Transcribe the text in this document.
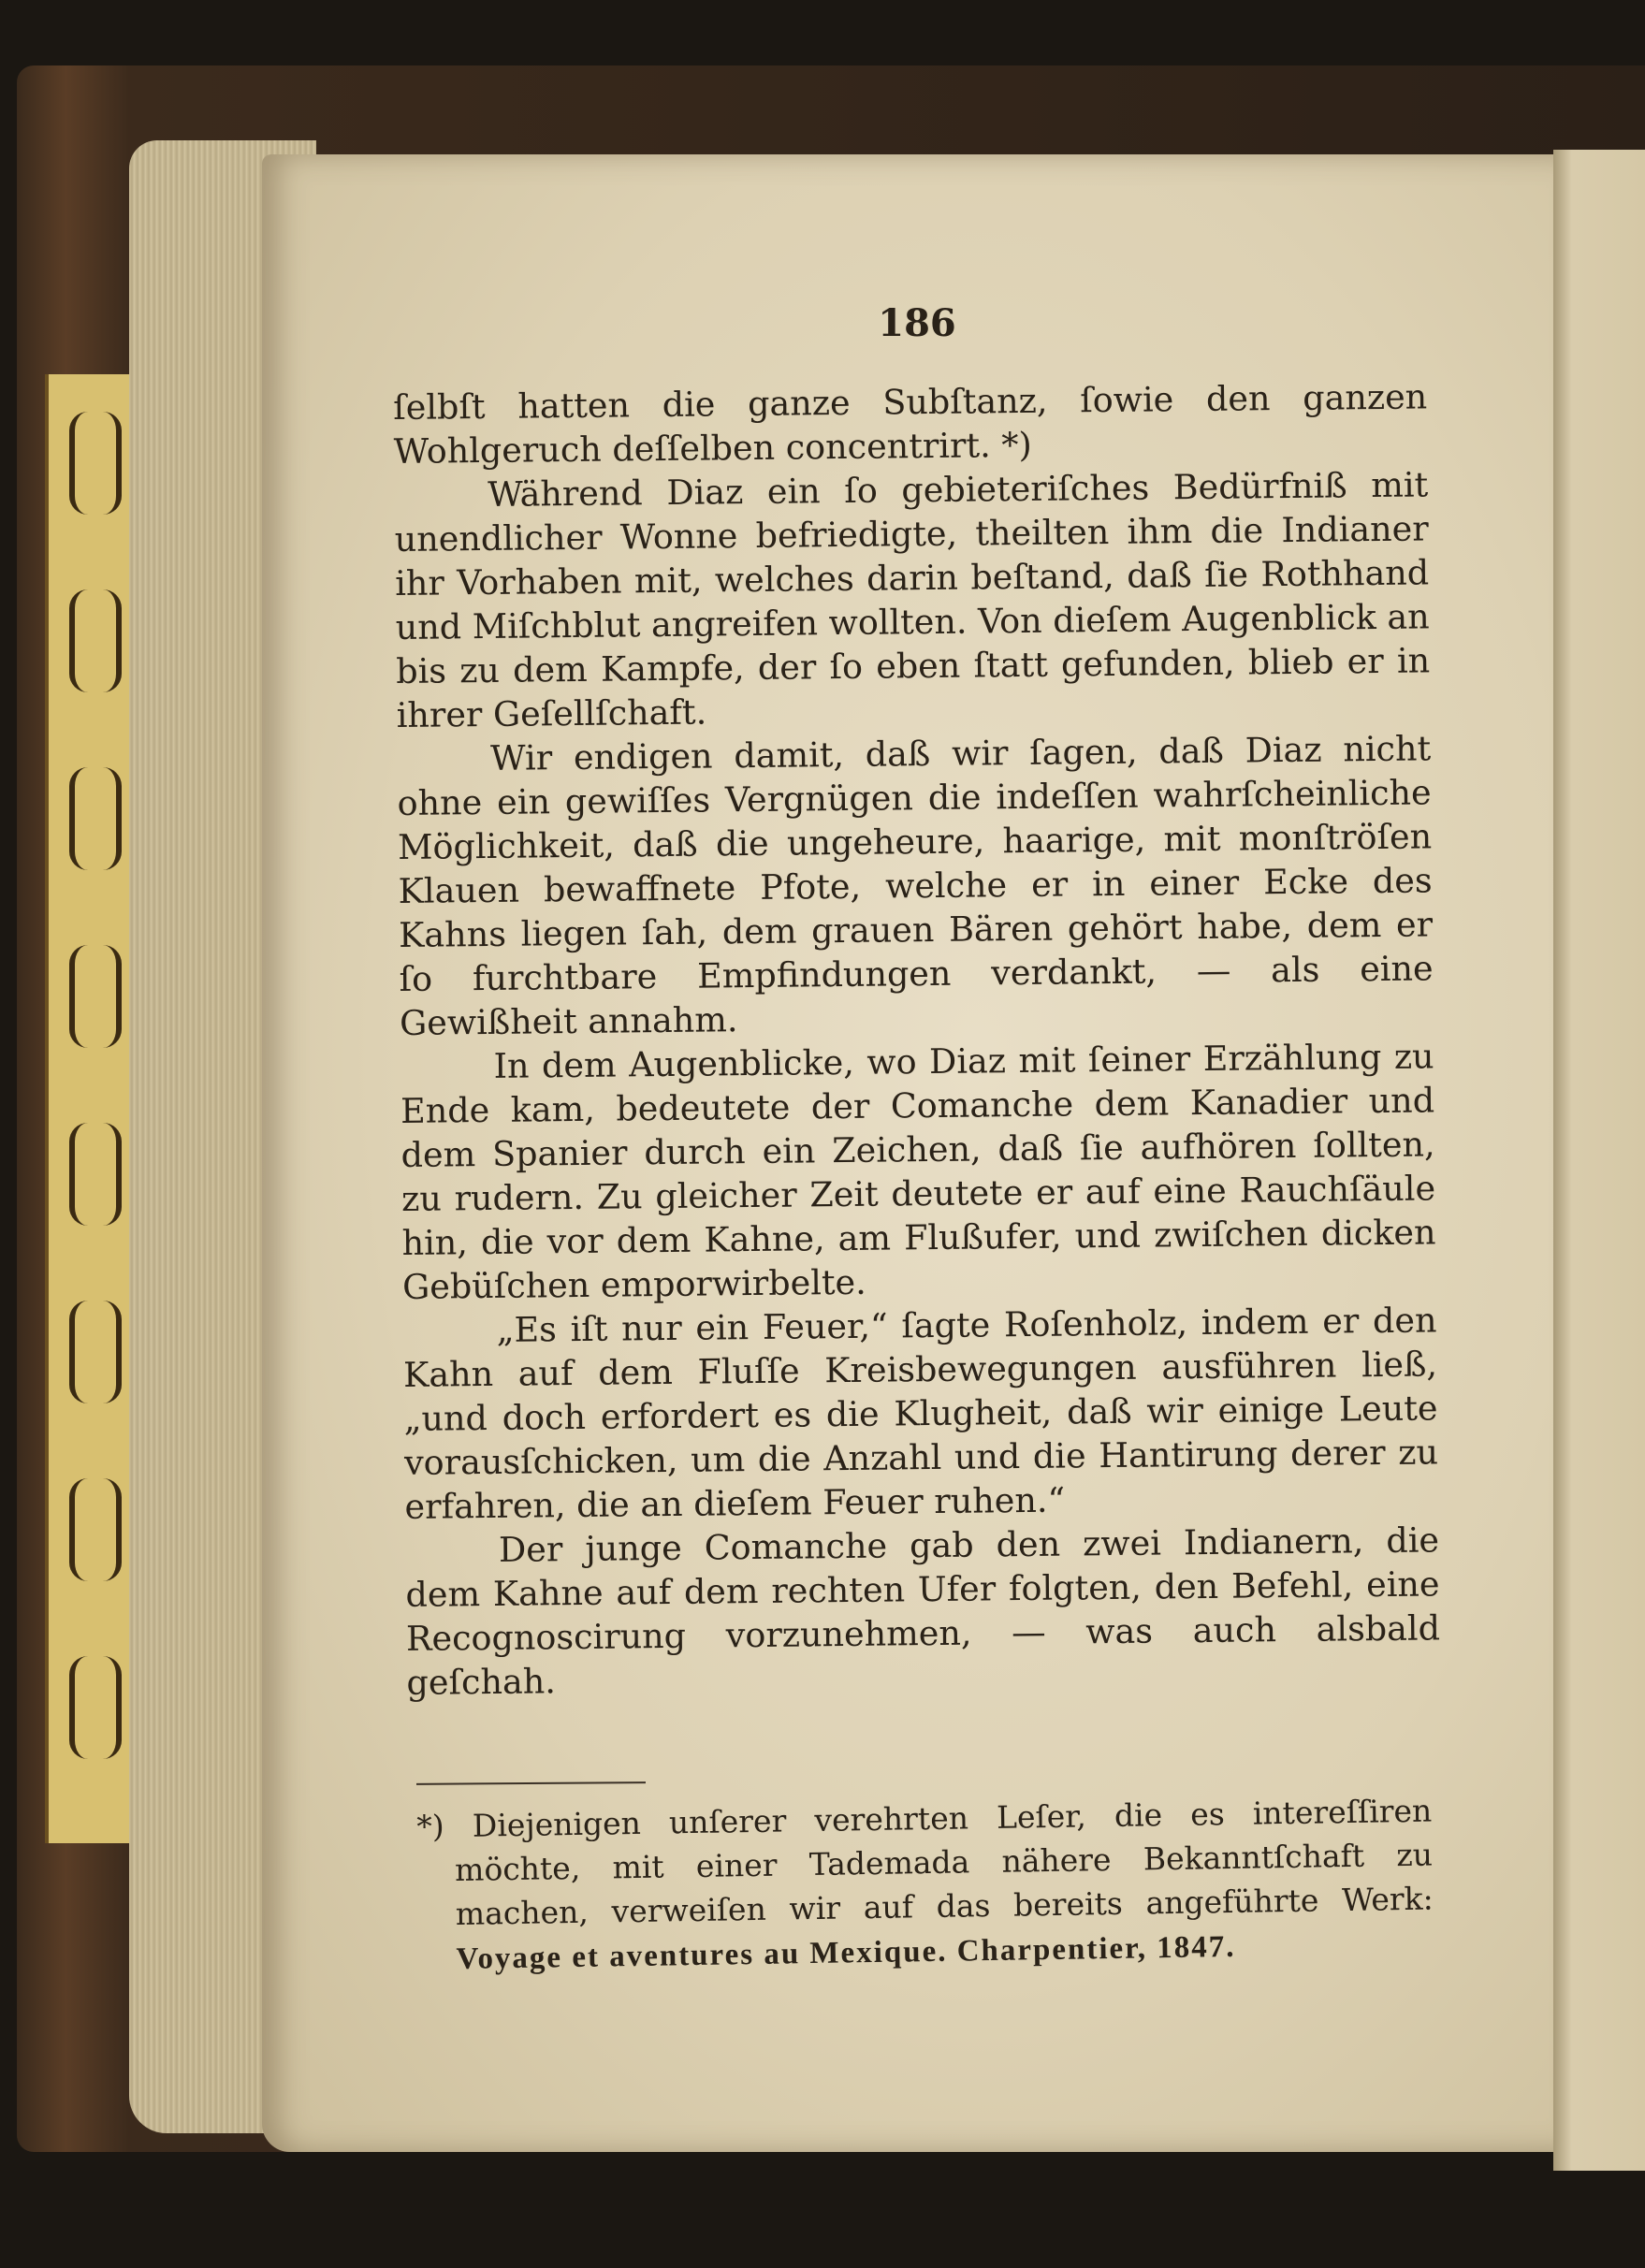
186

ſelbſt hatten die ganze Subſtanz, ſowie den ganzen Wohlgeruch deſſelben concentrirt. *)

Während Diaz ein ſo gebieteriſches Bedürfniß mit unendlicher Wonne befriedigte, theilten ihm die Indianer ihr Vorhaben mit, welches darin beſtand, daß ſie Rothhand und Miſchblut angreifen wollten. Von dieſem Augenblick an bis zu dem Kampfe, der ſo eben ſtatt gefunden, blieb er in ihrer Geſellſchaft.

Wir endigen damit, daß wir ſagen, daß Diaz nicht ohne ein gewiſſes Vergnügen die indeſſen wahrſcheinliche Möglichkeit, daß die ungeheure, haarige, mit monſtröſen Klauen bewaffnete Pfote, welche er in einer Ecke des Kahns liegen ſah, dem grauen Bären gehört habe, dem er ſo furchtbare Empfindungen verdankt, — als eine Gewißheit annahm.

In dem Augenblicke, wo Diaz mit ſeiner Erzählung zu Ende kam, bedeutete der Comanche dem Kanadier und dem Spanier durch ein Zeichen, daß ſie aufhören ſollten, zu rudern. Zu gleicher Zeit deutete er auf eine Rauchſäule hin, die vor dem Kahne, am Flußufer, und zwiſchen dicken Gebüſchen emporwirbelte.

„Es iſt nur ein Feuer,“ ſagte Roſenholz, indem er den Kahn auf dem Fluſſe Kreisbewegungen ausführen ließ, „und doch erfordert es die Klugheit, daß wir einige Leute vorausſchicken, um die Anzahl und die Hantirung derer zu erfahren, die an dieſem Feuer ruhen.“

Der junge Comanche gab den zwei Indianern, die dem Kahne auf dem rechten Ufer folgten, den Befehl, eine Recognoscirung vorzunehmen, — was auch alsbald geſchah.

*) Diejenigen unſerer verehrten Leſer, die es intereſſiren möchte, mit einer Tademada nähere Bekanntſchaft zu machen, verweiſen wir auf das bereits angeführte Werk: Voyage et aventures au Mexique. Charpentier, 1847.
